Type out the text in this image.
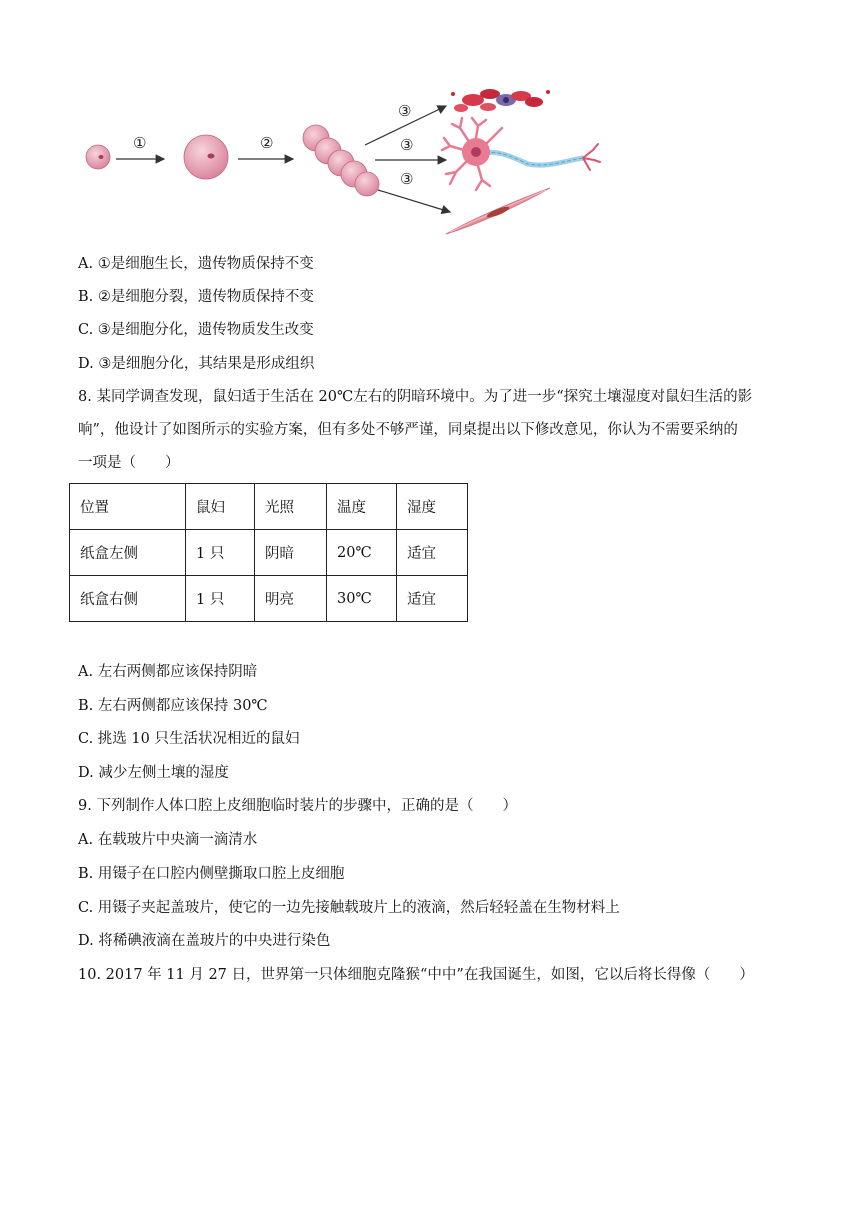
①	②
③
③
③
A. ①是细胞生长，遗传物质保持不变
B. ②是细胞分裂，遗传物质保持不变
C. ③是细胞分化，遗传物质发生改变
D. ③是细胞分化，其结果是形成组织
8. 某同学调查发现，鼠妇适于生活在 20℃左右的阴暗环境中。为了进一步“探究土壤湿度对鼠妇生活的影
响”，他设计了如图所示的实验方案，但有多处不够严谨，同桌提出以下修改意见，你认为不需要采纳的
一项是（　　）
位置	鼠妇	光照	温度	湿度
纸盒左侧	1 只	阴暗	20℃	适宜
纸盒右侧	1 只	明亮	30℃	适宜
A. 左右两侧都应该保持阴暗
B. 左右两侧都应该保持 30℃
C. 挑选 10 只生活状况相近的鼠妇
D. 减少左侧土壤的湿度
9. 下列制作人体口腔上皮细胞临时装片的步骤中，正确的是（　　）
A. 在载玻片中央滴一滴清水
B. 用镊子在口腔内侧壁撕取口腔上皮细胞
C. 用镊子夹起盖玻片，使它的一边先接触载玻片上的液滴，然后轻轻盖在生物材料上
D. 将稀碘液滴在盖玻片的中央进行染色
10. 2017 年 11 月 27 日，世界第一只体细胞克隆猴“中中”在我国诞生，如图，它以后将长得像（　　）
